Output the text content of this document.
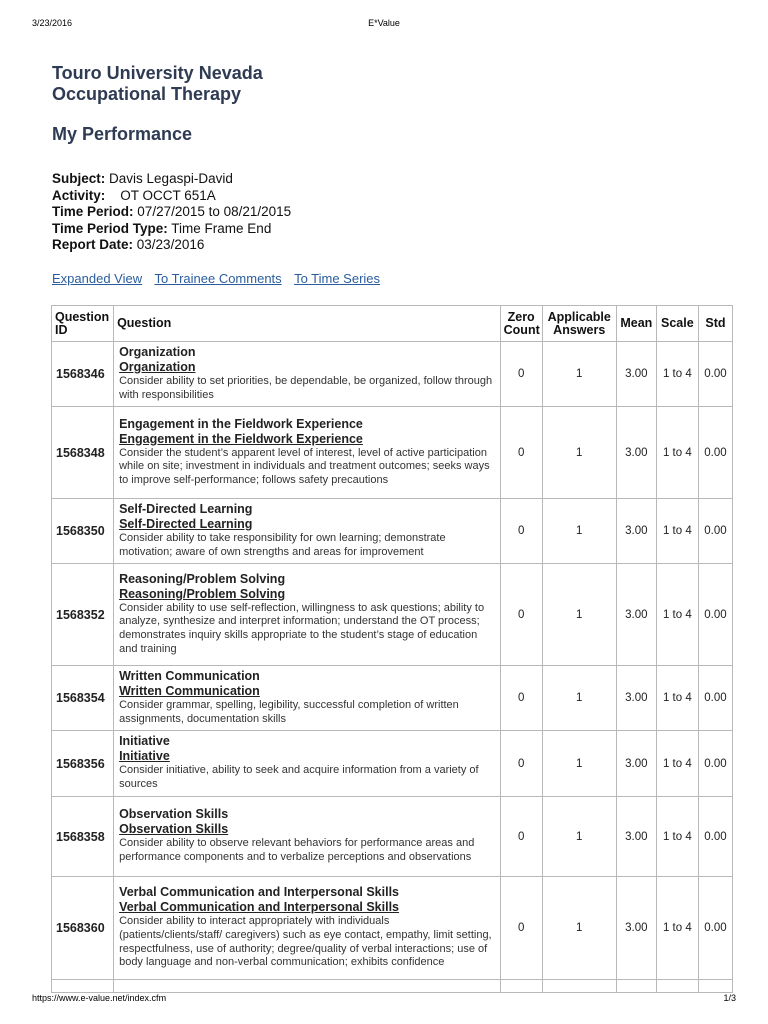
3/23/2016	E*Value
Touro University Nevada
Occupational Therapy
My Performance
Subject: Davis Legaspi-David
Activity: OT OCCT 651A
Time Period: 07/27/2015 to 08/21/2015
Time Period Type: Time Frame End
Report Date: 03/23/2016
Expanded View To Trainee Comments To Time Series
Question ID	Question	Zero Count	Applicable Answers	Mean	Scale	Std
1568346	Organization
Organization
Consider ability to set priorities, be dependable, be organized, follow through with responsibilities	0	1	3.00	1 to 4	0.00
1568348	Engagement in the Fieldwork Experience
Engagement in the Fieldwork Experience
Consider the student’s apparent level of interest, level of active participation while on site; investment in individuals and treatment outcomes; seeks ways to improve self-performance; follows safety precautions	0	1	3.00	1 to 4	0.00
1568350	Self-Directed Learning
Self-Directed Learning
Consider ability to take responsibility for own learning; demonstrate motivation; aware of own strengths and areas for improvement	0	1	3.00	1 to 4	0.00
1568352	Reasoning/Problem Solving
Reasoning/Problem Solving
Consider ability to use self-reflection, willingness to ask questions; ability to analyze, synthesize and interpret information; understand the OT process; demonstrates inquiry skills appropriate to the student’s stage of education and training	0	1	3.00	1 to 4	0.00
1568354	Written Communication
Written Communication
Consider grammar, spelling, legibility, successful completion of written assignments, documentation skills	0	1	3.00	1 to 4	0.00
1568356	Initiative
Initiative
Consider initiative, ability to seek and acquire information from a variety of sources	0	1	3.00	1 to 4	0.00
1568358	Observation Skills
Observation Skills
Consider ability to observe relevant behaviors for performance areas and performance components and to verbalize perceptions and observations	0	1	3.00	1 to 4	0.00
1568360	Verbal Communication and Interpersonal Skills
Verbal Communication and Interpersonal Skills
Consider ability to interact appropriately with individuals (patients/clients/staff/ caregivers) such as eye contact, empathy, limit setting, respectfulness, use of authority; degree/quality of verbal interactions; use of body language and non-verbal communication; exhibits confidence	0	1	3.00	1 to 4	0.00

https://www.e-value.net/index.cfm	1/3
